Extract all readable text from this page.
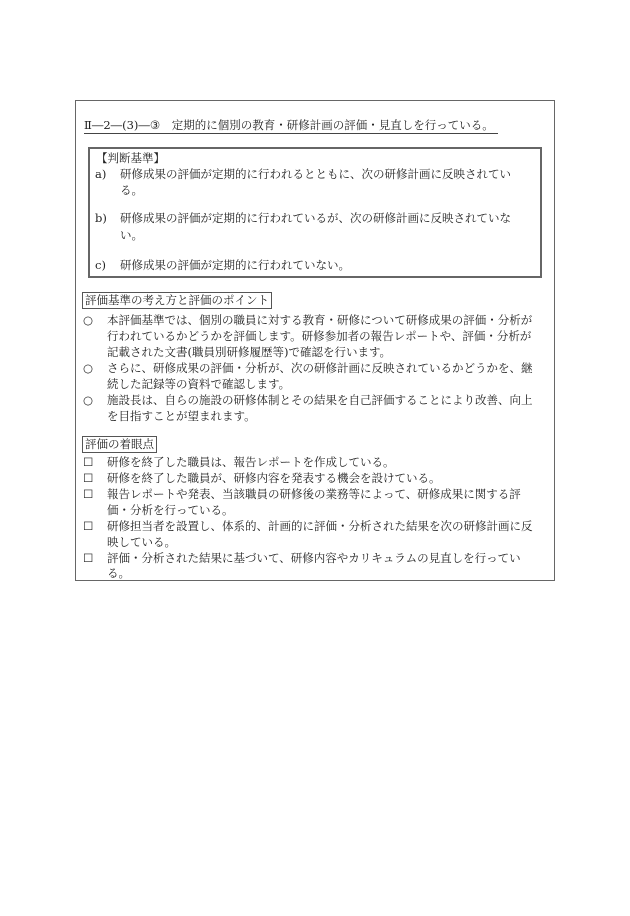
Ⅱ―2―(3)―③　定期的に個別の教育・研修計画の評価・見直しを行っている。
【判断基準】
a) 研修成果の評価が定期的に行われるとともに、次の研修計画に反映されてい
る。
b) 研修成果の評価が定期的に行われているが、次の研修計画に反映されていな
い。
c) 研修成果の評価が定期的に行われていない。
評価基準の考え方と評価のポイント
○ 本評価基準では、個別の職員に対する教育・研修について研修成果の評価・分析が
行われているかどうかを評価します。研修参加者の報告レポートや、評価・分析が
記載された文書(職員別研修履歴等)で確認を行います。
○ さらに、研修成果の評価・分析が、次の研修計画に反映されているかどうかを、継
続した記録等の資料で確認します。
○ 施設長は、自らの施設の研修体制とその結果を自己評価することにより改善、向上
を目指すことが望まれます。
評価の着眼点
☐ 研修を終了した職員は、報告レポートを作成している。
☐ 研修を終了した職員が、研修内容を発表する機会を設けている。
☐ 報告レポートや発表、当該職員の研修後の業務等によって、研修成果に関する評
価・分析を行っている。
☐ 研修担当者を設置し、体系的、計画的に評価・分析された結果を次の研修計画に反
映している。
☐ 評価・分析された結果に基づいて、研修内容やカリキュラムの見直しを行ってい
る。
